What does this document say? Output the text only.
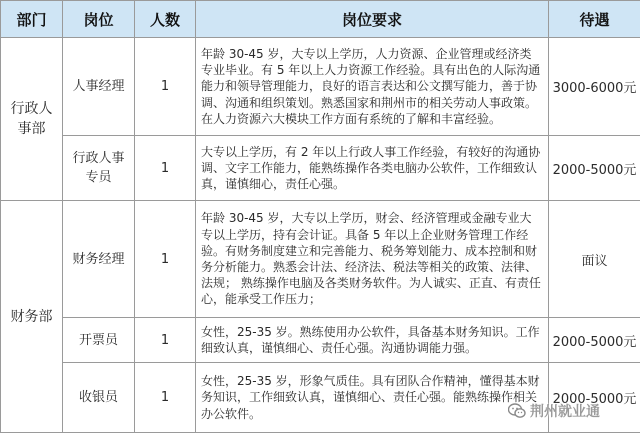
部门	岗位	人数	岗位要求	待遇
行政人事部	人事经理	1	年龄 30-45 岁，大专以上学历，人力资源、企业管理或经济类专业毕业。有 5 年以上人力资源工作经验。具有出色的人际沟通能力和领导管理能力，良好的语言表达和公文撰写能力，善于协调、沟通和组织策划。熟悉国家和荆州市的相关劳动人事政策。在人力资源六大模块工作方面有系统的了解和丰富经验。	3000-6000元
	行政人事专员	1	大专以上学历，有 2 年以上行政人事工作经验，有较好的沟通协调、文字工作能力，能熟练操作各类电脑办公软件，工作细致认真，谨慎细心，责任心强。	2000-5000元
财务部	财务经理	1	年龄 30-45 岁，大专以上学历，财会、经济管理或金融专业大专以上学历，持有会计证。具备 5 年以上企业财务管理工作经验。有财务制度建立和完善能力、税务筹划能力、成本控制和财务分析能力。熟悉会计法、经济法、税法等相关的政策、法律、法规； 熟练操作电脑及各类财务软件。为人诚实、正直、有责任心，能承受工作压力；	面议
	开票员	1	女性，25-35 岁。熟练使用办公软件，具备基本财务知识。工作细致认真，谨慎细心、责任心强。沟通协调能力强。	2000-5000元
	收银员	1	女性，25-35 岁，形象气质佳。具有团队合作精神，懂得基本财务知识，工作细致认真，谨慎细心、责任心强。能熟练操作相关办公软件。	2000-5000元
荆州就业通
